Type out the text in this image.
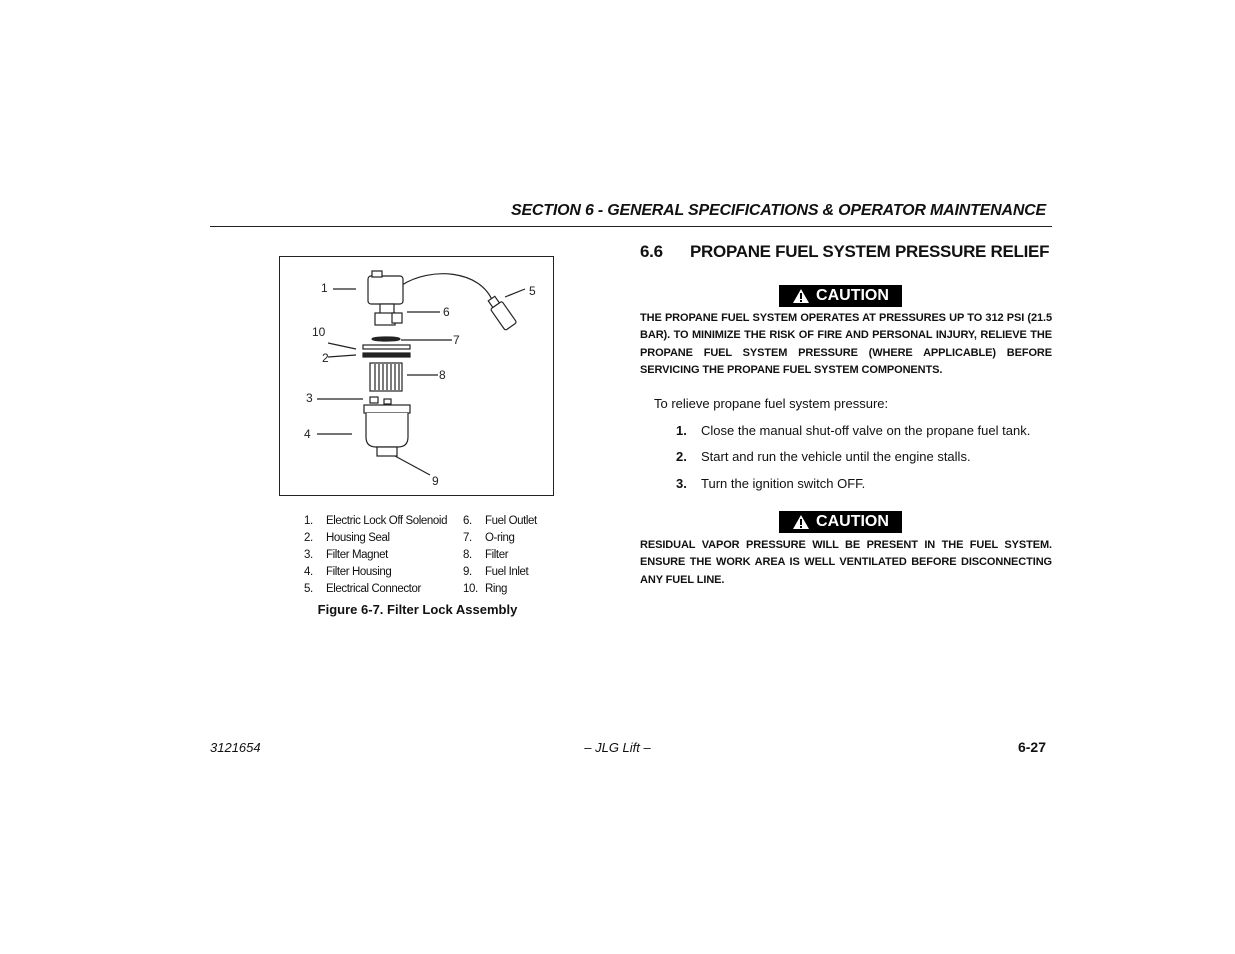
SECTION 6 - GENERAL SPECIFICATIONS & OPERATOR MAINTENANCE
1
2
3
4
5
6
7
8
9
10
1. Electric Lock Off Solenoid
2. Housing Seal
3. Filter Magnet
4. Filter Housing
5. Electrical Connector
6. Fuel Outlet
7. O-ring
8. Filter
9. Fuel Inlet
10. Ring
Figure 6-7. Filter Lock Assembly
6.6 PROPANE FUEL SYSTEM PRESSURE RELIEF
CAUTION
THE PROPANE FUEL SYSTEM OPERATES AT PRESSURES UP TO 312 PSI (21.5 BAR). TO MINIMIZE THE RISK OF FIRE AND PERSONAL INJURY, RELIEVE THE PROPANE FUEL SYSTEM PRESSURE (WHERE APPLICABLE) BEFORE SERVICING THE PROPANE FUEL SYSTEM COMPONENTS.
To relieve propane fuel system pressure:
1. Close the manual shut-off valve on the propane fuel tank.
2. Start and run the vehicle until the engine stalls.
3. Turn the ignition switch OFF.
CAUTION
RESIDUAL VAPOR PRESSURE WILL BE PRESENT IN THE FUEL SYSTEM. ENSURE THE WORK AREA IS WELL VENTILATED BEFORE DISCONNECTING ANY FUEL LINE.
3121654	– JLG Lift –	6-27
